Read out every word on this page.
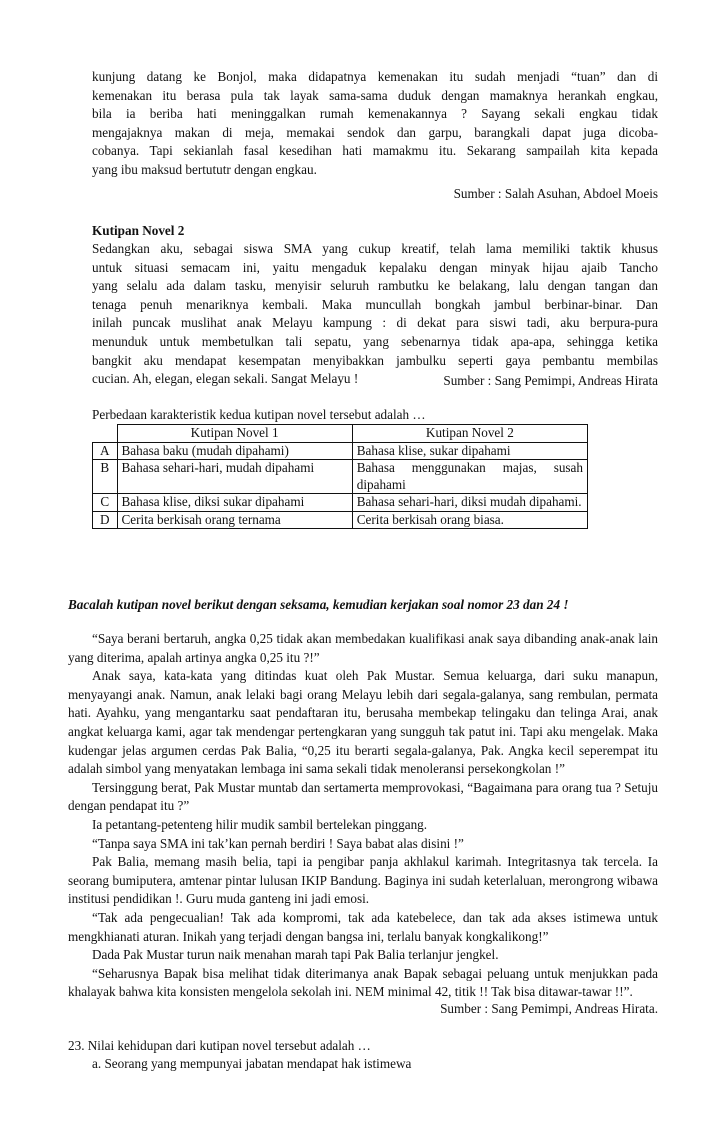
kunjung datang ke Bonjol, maka didapatnya kemenakan itu sudah menjadi “tuan” dan di

kemenakan itu berasa pula tak layak sama-sama duduk dengan mamaknya herankah engkau,

bila ia beriba hati meninggalkan rumah kemenakannya ? Sayang sekali engkau tidak

mengajaknya makan di meja, memakai sendok dan garpu, barangkali dapat juga dicoba-

cobanya. Tapi sekianlah fasal kesedihan hati mamakmu itu. Sekarang sampailah kita kepada

yang ibu maksud bertututr dengan engkau.

Sumber : Salah Asuhan, Abdoel Moeis
Kutipan Novel 2

Sedangkan aku, sebagai siswa SMA yang cukup kreatif, telah lama memiliki taktik khusus

untuk situasi semacam ini, yaitu mengaduk kepalaku dengan minyak hijau ajaib Tancho

yang selalu ada dalam tasku, menyisir seluruh rambutku ke belakang, lalu dengan tangan dan

tenaga penuh menariknya kembali. Maka muncullah bongkah jambul berbinar-binar. Dan

inilah puncak muslihat anak Melayu kampung : di dekat para siswi tadi, aku berpura-pura

menunduk untuk membetulkan tali sepatu, yang sebenarnya tidak apa-apa, sehingga ketika

bangkit aku mendapat kesempatan menyibakkan jambulku seperti gaya pembantu membilas

cucian. Ah, elegan, elegan sekali. Sangat Melayu !	Sumber : Sang Pemimpi, Andreas Hirata
Perbedaan karakteristik kedua kutipan novel tersebut adalah …
	Kutipan Novel 1	Kutipan Novel 2
A	Bahasa baku (mudah dipahami)	Bahasa klise, sukar dipahami
B	Bahasa sehari-hari, mudah dipahami	Bahasa menggunakan majas, susah dipahami
C	Bahasa klise, diksi sukar dipahami	Bahasa sehari-hari, diksi mudah dipahami.
D	Cerita berkisah orang ternama	Cerita berkisah orang biasa.
Bacalah kutipan novel berikut dengan seksama, kemudian kerjakan soal nomor 23 dan 24 !

“Saya berani bertaruh, angka 0,25 tidak akan membedakan kualifikasi anak saya dibanding anak-anak lain yang diterima, apalah artinya angka 0,25 itu ?!”

Anak saya, kata-kata yang ditindas kuat oleh Pak Mustar. Semua keluarga, dari suku manapun, menyayangi anak. Namun, anak lelaki bagi orang Melayu lebih dari segala-galanya, sang rembulan, permata hati. Ayahku, yang mengantarku saat pendaftaran itu, berusaha membekap telingaku dan telinga Arai, anak angkat keluarga kami, agar tak mendengar pertengkaran yang sungguh tak patut ini. Tapi aku mengelak. Maka kudengar jelas argumen cerdas Pak Balia, “0,25 itu berarti segala-galanya, Pak. Angka kecil seperempat itu adalah simbol yang menyatakan lembaga ini sama sekali tidak menoleransi persekongkolan !”

Tersinggung berat, Pak Mustar muntab dan sertamerta memprovokasi, “Bagaimana para orang tua ? Setuju dengan pendapat itu ?”

Ia petantang-petenteng hilir mudik sambil bertelekan pinggang.

“Tanpa saya SMA ini tak’kan pernah berdiri ! Saya babat alas disini !”

Pak Balia, memang masih belia, tapi ia pengibar panja akhlakul karimah. Integritasnya tak tercela. Ia seorang bumiputera, amtenar pintar lulusan IKIP Bandung. Baginya ini sudah keterlaluan, merongrong wibawa institusi pendidikan !. Guru muda ganteng ini jadi emosi.

“Tak ada pengecualian! Tak ada kompromi, tak ada katebelece, dan tak ada akses istimewa untuk mengkhianati aturan. Inikah yang terjadi dengan bangsa ini, terlalu banyak kongkalikong!”

Dada Pak Mustar turun naik menahan marah tapi Pak Balia terlanjur jengkel.

“Seharusnya Bapak bisa melihat tidak diterimanya anak Bapak sebagai peluang untuk menjukkan pada khalayak bahwa kita konsisten mengelola sekolah ini. NEM minimal 42, titik !! Tak bisa ditawar-tawar !!”.

Sumber : Sang Pemimpi, Andreas Hirata.
23. Nilai kehidupan dari kutipan novel tersebut adalah …
a. Seorang yang mempunyai jabatan mendapat hak istimewa
